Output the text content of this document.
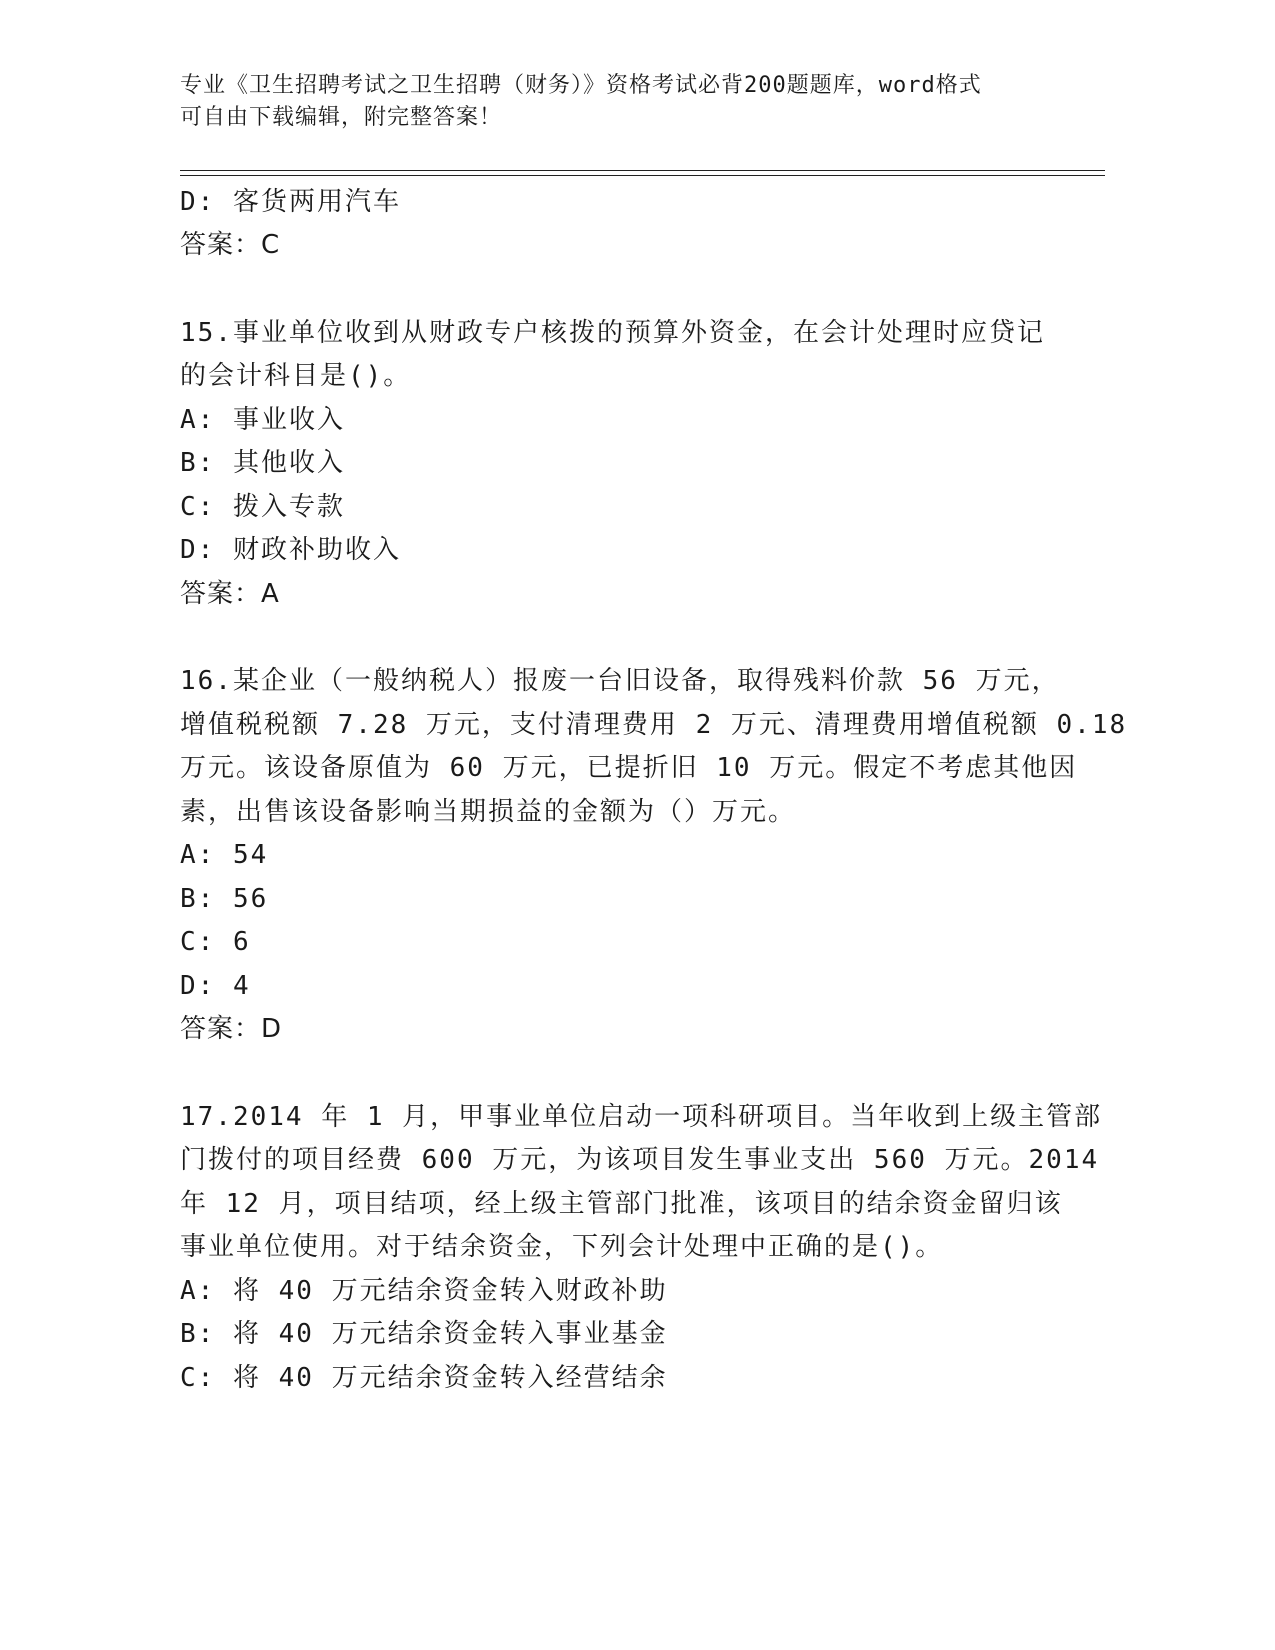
专业《卫生招聘考试之卫生招聘（财务）》资格考试必背200题题库，word格式
可自由下载编辑，附完整答案！
D: 客货两用汽车
答案：C
15.事业单位收到从财政专户核拨的预算外资金，在会计处理时应贷记
的会计科目是()。
A: 事业收入
B: 其他收入
C: 拨入专款
D: 财政补助收入
答案：A
16.某企业（一般纳税人）报废一台旧设备，取得残料价款 56 万元，
增值税税额 7.28 万元，支付清理费用 2 万元、清理费用增值税额 0.18
万元。该设备原值为 60 万元，已提折旧 10 万元。假定不考虑其他因
素，出售该设备影响当期损益的金额为（）万元。
A: 54
B: 56
C: 6
D: 4
答案：D
17.2014 年 1 月，甲事业单位启动一项科研项目。当年收到上级主管部
门拨付的项目经费 600 万元，为该项目发生事业支出 560 万元。2014
年 12 月，项目结项，经上级主管部门批准，该项目的结余资金留归该
事业单位使用。对于结余资金，下列会计处理中正确的是()。
A: 将 40 万元结余资金转入财政补助
B: 将 40 万元结余资金转入事业基金
C: 将 40 万元结余资金转入经营结余
